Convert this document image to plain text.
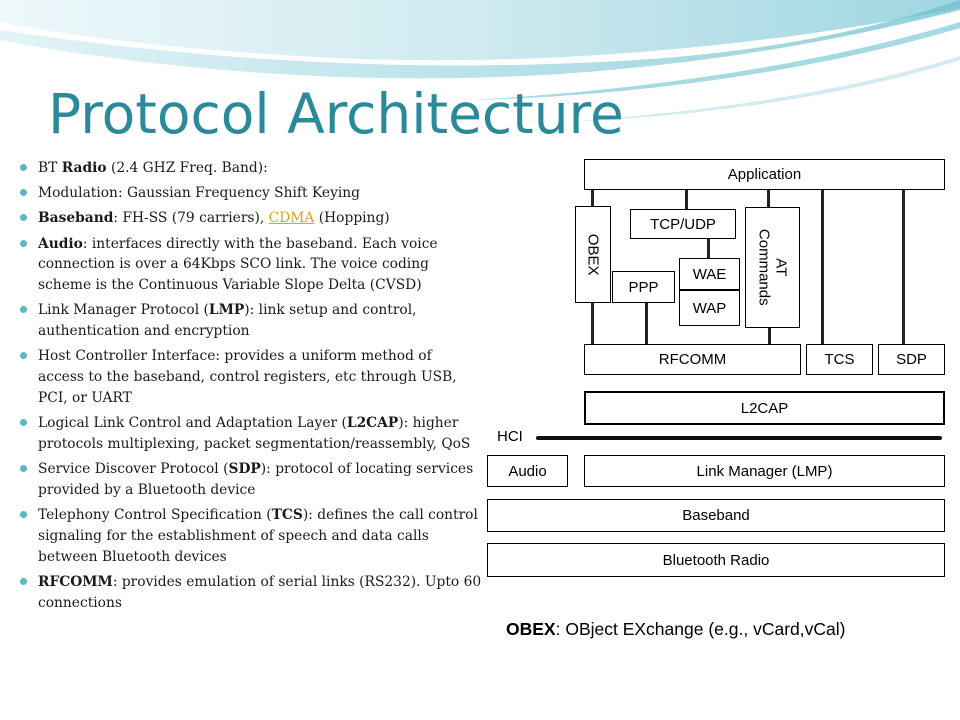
Protocol Architecture
BT Radio (2.4 GHZ Freq. Band):
Modulation: Gaussian Frequency Shift Keying
Baseband: FH-SS (79 carriers), CDMA (Hopping)
Audio: interfaces directly with the baseband. Each voice connection is over a 64Kbps SCO link. The voice coding scheme is the Continuous Variable Slope Delta (CVSD)
Link Manager Protocol (LMP): link setup and control, authentication and encryption
Host Controller Interface: provides a uniform method of access to the baseband, control registers, etc through USB, PCI, or UART
Logical Link Control and Adaptation Layer (L2CAP): higher protocols multiplexing, packet segmentation/reassembly, QoS
Service Discover Protocol (SDP): protocol of locating services provided by a Bluetooth device
Telephony Control Specification (TCS): defines the call control signaling for the establishment of speech and data calls between Bluetooth devices
RFCOMM: provides emulation of serial links (RS232). Upto 60 connections
Application
OBEX
TCP/UDP
AT
Commands
WAE
PPP
WAP
RFCOMM	TCS	SDP
L2CAP
HCI
Audio	Link Manager (LMP)
Baseband
Bluetooth Radio
OBEX: OBject EXchange (e.g., vCard,vCal)
